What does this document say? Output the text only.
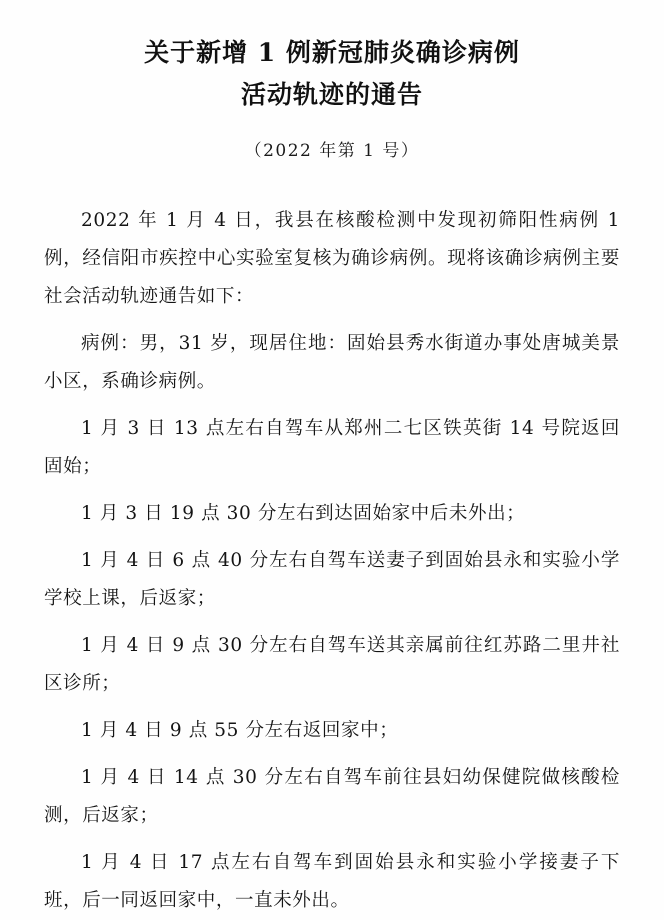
关于新增 1 例新冠肺炎确诊病例
活动轨迹的通告
（2022 年第 1 号）

2022 年 1 月 4 日，我县在核酸检测中发现初筛阳性病例 1 例，经信阳市疾控中心实验室复核为确诊病例。现将该确诊病例主要社会活动轨迹通告如下：

病例：男，31 岁，现居住地：固始县秀水街道办事处唐城美景小区，系确诊病例。

1 月 3 日 13 点左右自驾车从郑州二七区铁英街 14 号院返回固始；

1 月 3 日 19 点 30 分左右到达固始家中后未外出；

1 月 4 日 6 点 40 分左右自驾车送妻子到固始县永和实验小学学校上课，后返家；

1 月 4 日 9 点 30 分左右自驾车送其亲属前往红苏路二里井社区诊所；

1 月 4 日 9 点 55 分左右返回家中；

1 月 4 日 14 点 30 分左右自驾车前往县妇幼保健院做核酸检测，后返家；

1 月 4 日 17 点左右自驾车到固始县永和实验小学接妻子下班，后一同返回家中，一直未外出。
